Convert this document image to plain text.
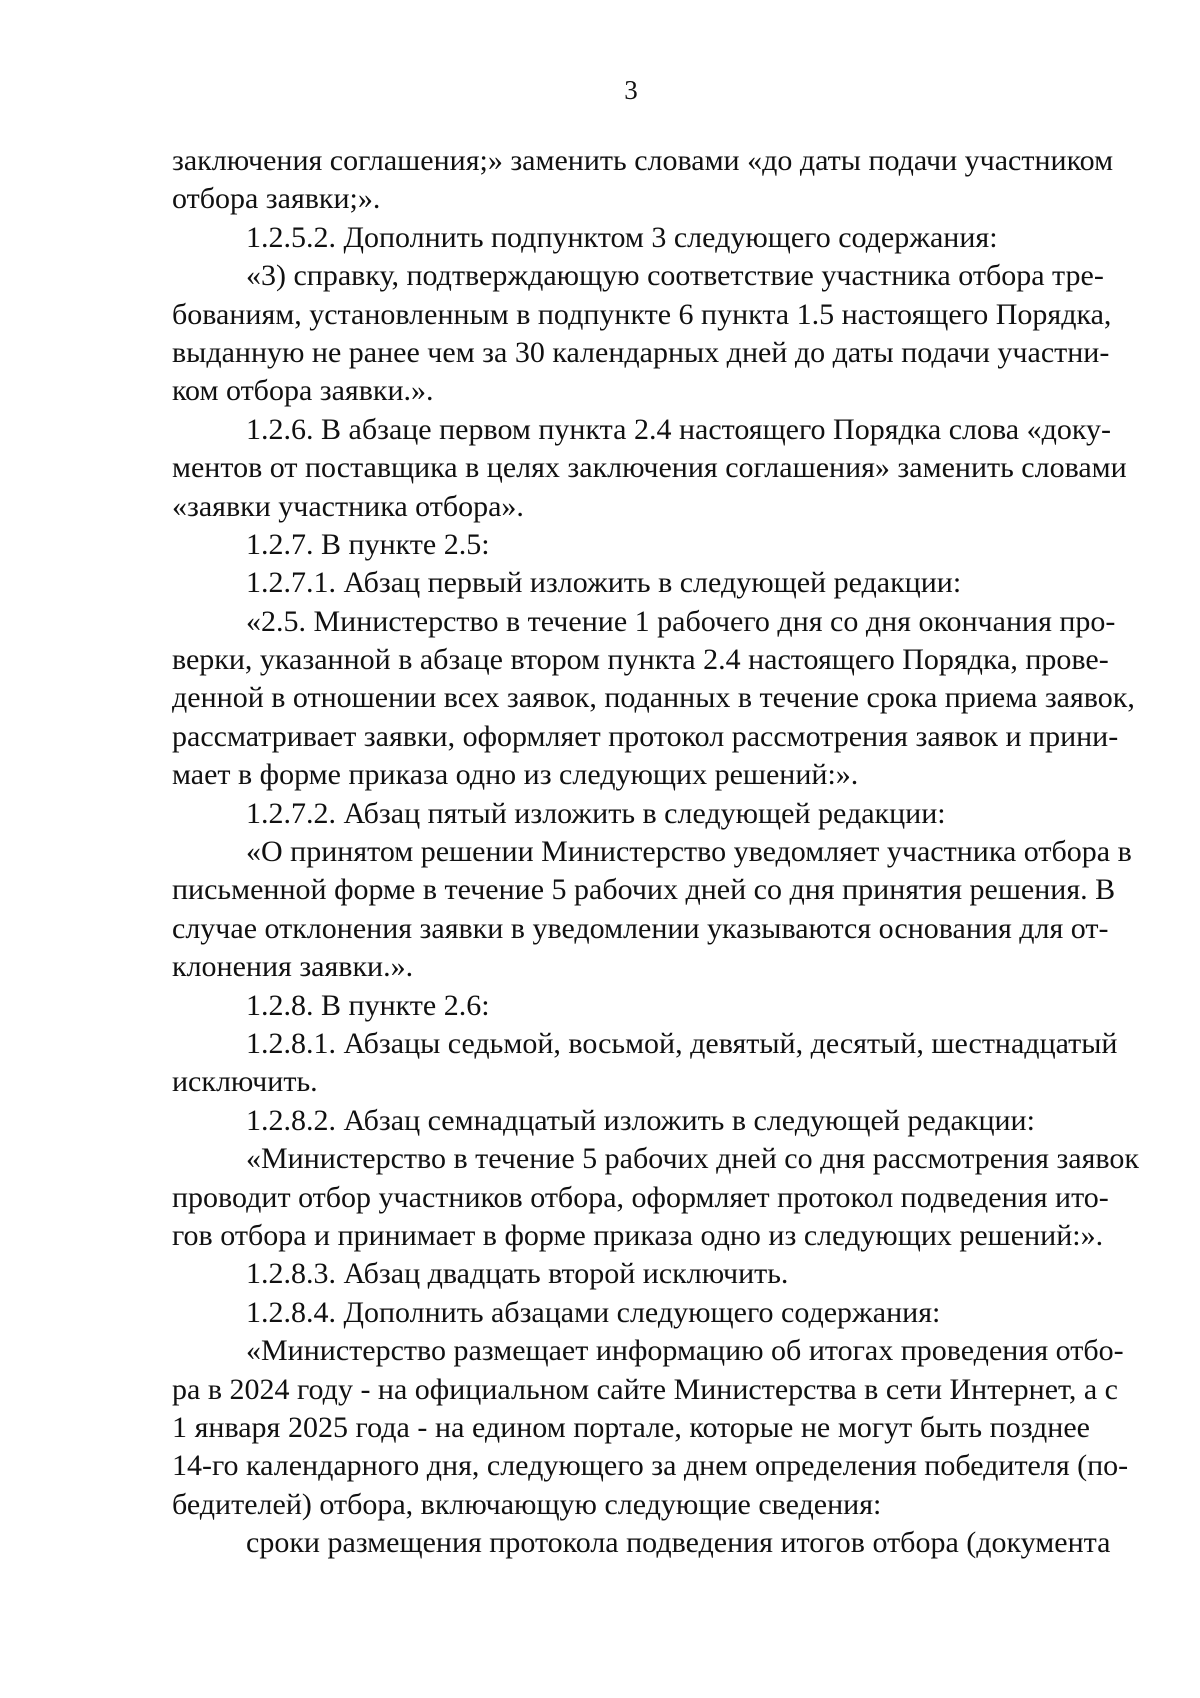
3
заключения соглашения;» заменить словами «до даты подачи участником
отбора заявки;».
1.2.5.2. Дополнить подпунктом 3 следующего содержания:
«3) справку, подтверждающую соответствие участника отбора тре-
бованиям, установленным в подпункте 6 пункта 1.5 настоящего Порядка,
выданную не ранее чем за 30 календарных дней до даты подачи участни-
ком отбора заявки.».
1.2.6. В абзаце первом пункта 2.4 настоящего Порядка слова «доку-
ментов от поставщика в целях заключения соглашения» заменить словами
«заявки участника отбора».
1.2.7. В пункте 2.5:
1.2.7.1. Абзац первый изложить в следующей редакции:
«2.5. Министерство в течение 1 рабочего дня со дня окончания про-
верки, указанной в абзаце втором пункта 2.4 настоящего Порядка, прове-
денной в отношении всех заявок, поданных в течение срока приема заявок,
рассматривает заявки, оформляет протокол рассмотрения заявок и прини-
мает в форме приказа одно из следующих решений:».
1.2.7.2. Абзац пятый изложить в следующей редакции:
«О принятом решении Министерство уведомляет участника отбора в
письменной форме в течение 5 рабочих дней со дня принятия решения. В
случае отклонения заявки в уведомлении указываются основания для от-
клонения заявки.».
1.2.8. В пункте 2.6:
1.2.8.1. Абзацы седьмой, восьмой, девятый, десятый, шестнадцатый
исключить.
1.2.8.2. Абзац семнадцатый изложить в следующей редакции:
«Министерство в течение 5 рабочих дней со дня рассмотрения заявок
проводит отбор участников отбора, оформляет протокол подведения ито-
гов отбора и принимает в форме приказа одно из следующих решений:».
1.2.8.3. Абзац двадцать второй исключить.
1.2.8.4. Дополнить абзацами следующего содержания:
«Министерство размещает информацию об итогах проведения отбо-
ра в 2024 году - на официальном сайте Министерства в сети Интернет, а с
1 января 2025 года - на едином портале, которые не могут быть позднее
14-го календарного дня, следующего за днем определения победителя (по-
бедителей) отбора, включающую следующие сведения:
сроки размещения протокола подведения итогов отбора (документа
